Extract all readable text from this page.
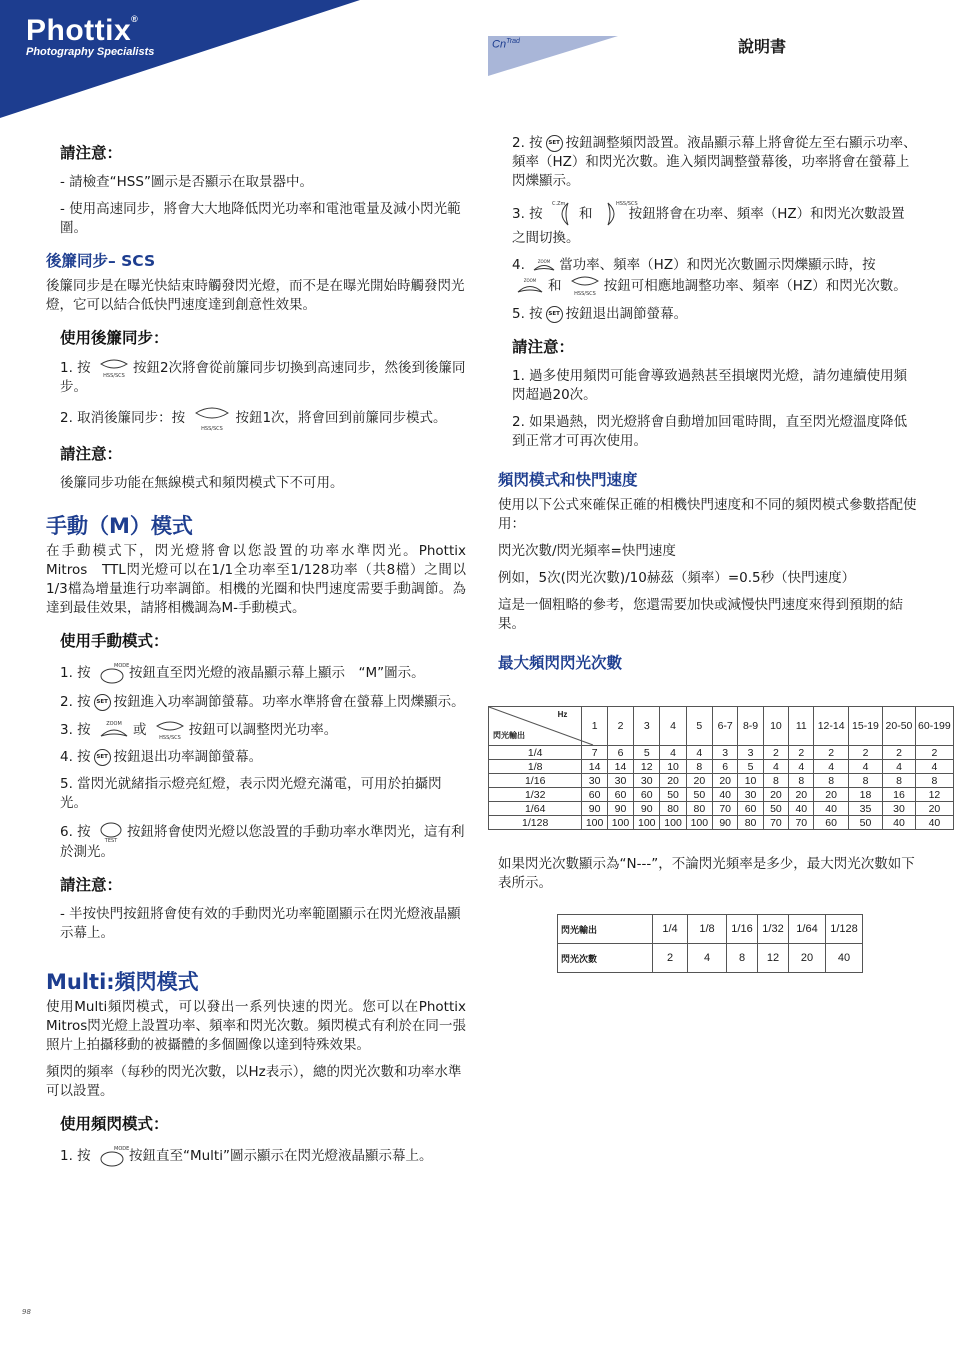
Phottix®
Photography Specialists
$Cn^{Trad}$	說明書
請注意：

- 請檢查“HSS”圖示是否顯示在取景器中。

- 使用高速同步，將會大大地降低閃光功率和電池電量及減小閃光範圍。

後簾同步– SCS

後簾同步是在曝光快結束時觸發閃光燈，而不是在曝光開始時觸發閃光燈，它可以結合低快門速度達到創意性效果。

使用後簾同步：

1. 按 HSS/SCS 按鈕2次將會從前簾同步切換到高速同步，然後到後簾同步。

2. 取消後簾同步：按
HSS/SCS
按鈕1次，將會回到前簾同步模式。

請注意：

後簾同步功能在無線模式和頻閃模式下不可用。

手動（M）模式

在手動模式下，閃光燈將會以您設置的功率水準閃光。Phottix　Mitros　TTL閃光燈可以在1/1全功率至1/128功率（共8檔）之間以1/3檔為增量進行功率調節。相機的光圈和快門速度需要手動調節。為達到最佳效果，請將相機調為M-手動模式。

使用手動模式：

1. 按	MODE 按鈕直至閃光燈的液晶顯示幕上顯示　“M”圖示。

2. 按 SET 按鈕進入功率調節螢幕。功率水準將會在螢幕上閃爍顯示。

3. 按	ZOOM 或 HSS/SCS 按鈕可以調整閃光功率。

4. 按 SET 按鈕退出功率調節螢幕。

5. 當閃光就緒指示燈亮紅燈，表示閃光燈充滿電，可用於拍攝閃光。

6. 按
TEST
按鈕將會使閃光燈以您設置的手動功率水準閃光，這有利於測光。

請注意：

- 半按快門按鈕將會使有效的手動閃光功率範圍顯示在閃光燈液晶顯示幕上。

Multi:頻閃模式

使用Multi頻閃模式，可以發出一系列快速的閃光。您可以在Phottix　Mitros閃光燈上設置功率、頻率和閃光次數。頻閃模式有利於在同一張照片上拍攝移動的被攝體的多個圖像以達到特殊效果。

頻閃的頻率（每秒的閃光次數，以Hz表示），總的閃光次數和功率水準可以設置。

使用頻閃模式：

1. 按	MODE 按鈕直至“Multi”圖示顯示在閃光燈液晶顯示幕上。

2. 按 SET 按鈕調整頻閃設置。液晶顯示幕上將會從左至右顯示功率、頻率（HZ）和閃光次數。進入頻閃調整螢幕後，功率將會在螢幕上閃爍顯示。

3. 按
C.Zm
和
HSS/SCS
按鈕將會在功率、頻率（HZ）和閃光次數設置之間切換。

4.	ZOOM 當功率、頻率（HZ）和閃光次數圖示閃爍顯示時，按

ZOOM 和 HSS/SCS 按鈕可相應地調整功率、頻率（HZ）和閃光次數。

5. 按 SET 按鈕退出調節螢幕。

請注意：

1. 過多使用頻閃可能會導致過熱甚至損壞閃光燈，請勿連續使用頻閃超過20次。

2. 如果過熱，閃光燈將會自動增加回電時間，直至閃光燈溫度降低到正常才可再次使用。

頻閃模式和快門速度

使用以下公式來確保正確的相機快門速度和不同的頻閃模式參數搭配使用：

閃光次數/閃光頻率=快門速度

例如，5次(閃光次數)/10赫茲（頻率）=0.5秒（快門速度）

這是一個粗略的參考，您還需要加快或減慢快門速度來得到預期的結果。

最大頻閃閃光次數
Hz
閃光輸出	1	2	3	4	5	6-7	8-9	10	11	12-14	15-19	20-50	60-199
1/4	7	6	5	4	4	3	3	2	2	2	2	2	2
1/8	14	14	12	10	8	6	5	4	4	4	4	4	4
1/16	30	30	30	20	20	20	10	8	8	8	8	8	8
1/32	60	60	60	50	50	40	30	20	20	20	18	16	12
1/64	90	90	90	80	80	70	60	50	40	40	35	30	20
1/128	100	100	100	100	100	90	80	70	70	60	50	40	40
如果閃光次數顯示為“N---”，不論閃光頻率是多少，最大閃光次數如下表所示。
閃光輸出	1/4	1/8	1/16	1/32	1/64	1/128
閃光次數	2	4	8	12	20	40
98
